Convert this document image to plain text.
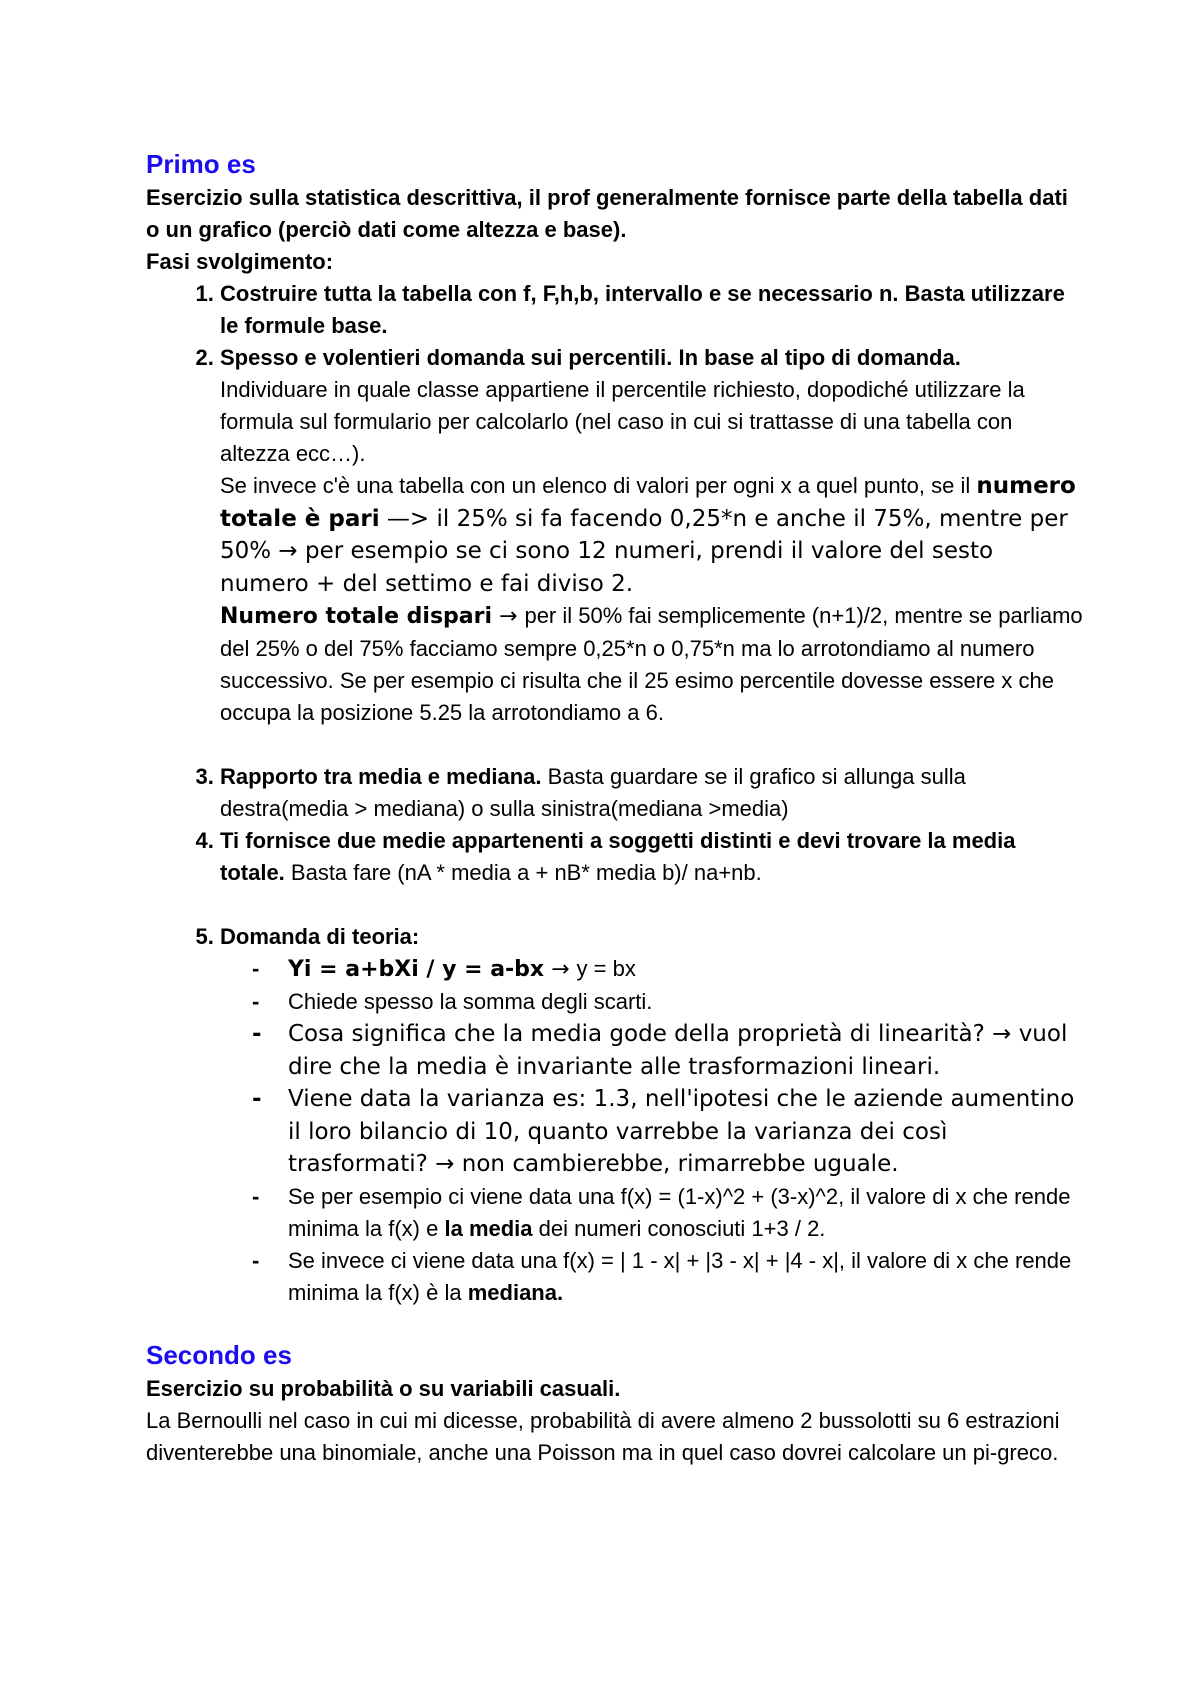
Primo es

Esercizio sulla statistica descrittiva, il prof generalmente fornisce parte della tabella dati o un grafico (perciò dati come altezza e base).

Fasi svolgimento:

1. Costruire tutta la tabella con f, F,h,b, intervallo e se necessario n. Basta utilizzare le formule base.

2. Spesso e volentieri domanda sui percentili. In base al tipo di domanda.

Individuare in quale classe appartiene il percentile richiesto, dopodiché utilizzare la formula sul formulario per calcolarlo (nel caso in cui si trattasse di una tabella con altezza ecc…).

Se invece c'è una tabella con un elenco di valori per ogni x a quel punto, se il numero totale è pari —> il 25% si fa facendo 0,25*n e anche il 75%, mentre per 50% → per esempio se ci sono 12 numeri, prendi il valore del sesto numero + del settimo e fai diviso 2.

Numero totale dispari → per il 50% fai semplicemente (n+1)/2, mentre se parliamo del 25% o del 75% facciamo sempre 0,25*n o 0,75*n ma lo arrotondiamo al numero successivo. Se per esempio ci risulta che il 25 esimo percentile dovesse essere x che occupa la posizione 5.25 la arrotondiamo a 6.

3. Rapporto tra media e mediana. Basta guardare se il grafico si allunga sulla destra(media > mediana) o sulla sinistra(mediana >media)
4. Ti fornisce due medie appartenenti a soggetti distinti e devi trovare la media totale. Basta fare (nA * media a + nB* media b)/ na+nb.
5. Domanda di teoria:
- Yi = a+bXi / y = a-bx → y = bx
- Chiede spesso la somma degli scarti.
- Cosa significa che la media gode della proprietà di linearità? → vuol dire che la media è invariante alle trasformazioni lineari.
- Viene data la varianza es: 1.3, nell'ipotesi che le aziende aumentino il loro bilancio di 10, quanto varrebbe la varianza dei così trasformati? → non cambierebbe, rimarrebbe uguale.
- Se per esempio ci viene data una f(x) = (1-x)^2 + (3-x)^2, il valore di x che rende minima la f(x) e la media dei numeri conosciuti 1+3 / 2.
- Se invece ci viene data una f(x) = | 1 - x| + |3 - x| + |4 - x|, il valore di x che rende minima la f(x) è la mediana.
Secondo es

Esercizio su probabilità o su variabili casuali.

La Bernoulli nel caso in cui mi dicesse, probabilità di avere almeno 2 bussolotti su 6 estrazioni diventerebbe una binomiale, anche una Poisson ma in quel caso dovrei calcolare un pi-greco.
